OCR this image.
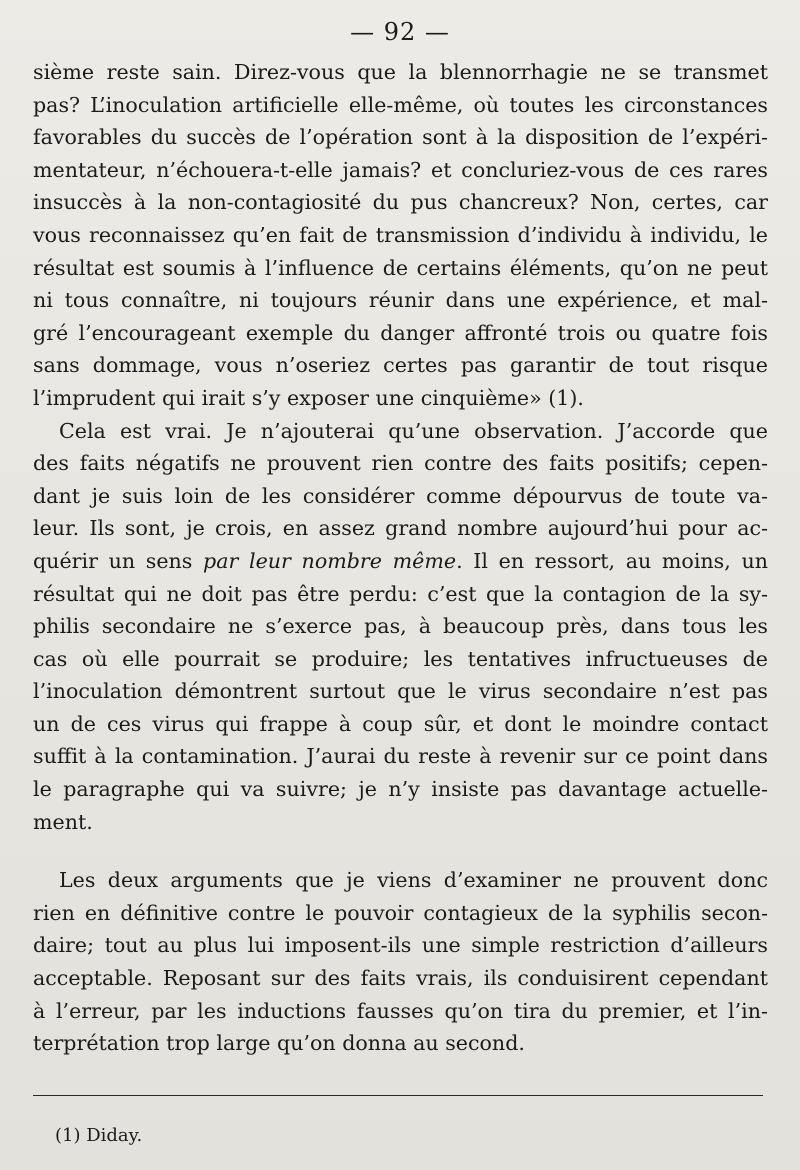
— 92 —
sième reste sain. Direz-vous que la blennorrhagie ne se transmet
pas? L’inoculation artificielle elle-même, où toutes les circonstances
favorables du succès de l’opération sont à la disposition de l’expéri-
mentateur, n’échouera-t-elle jamais? et concluriez-vous de ces rares
insuccès à la non-contagiosité du pus chancreux? Non, certes, car
vous reconnaissez qu’en fait de transmission d’individu à individu, le
résultat est soumis à l’influence de certains éléments, qu’on ne peut
ni tous connaître, ni toujours réunir dans une expérience, et mal-
gré l’encourageant exemple du danger affronté trois ou quatre fois
sans dommage, vous n’oseriez certes pas garantir de tout risque
l’imprudent qui irait s’y exposer une cinquième» (1).
Cela est vrai. Je n’ajouterai qu’une observation. J’accorde que
des faits négatifs ne prouvent rien contre des faits positifs; cepen-
dant je suis loin de les considérer comme dépourvus de toute va-
leur. Ils sont, je crois, en assez grand nombre aujourd’hui pour ac-
quérir un sens par leur nombre même. Il en ressort, au moins, un
résultat qui ne doit pas être perdu: c’est que la contagion de la sy-
philis secondaire ne s’exerce pas, à beaucoup près, dans tous les
cas où elle pourrait se produire; les tentatives infructueuses de
l’inoculation démontrent surtout que le virus secondaire n’est pas
un de ces virus qui frappe à coup sûr, et dont le moindre contact
suffit à la contamination. J’aurai du reste à revenir sur ce point dans
le paragraphe qui va suivre; je n’y insiste pas davantage actuelle-
ment.
Les deux arguments que je viens d’examiner ne prouvent donc
rien en définitive contre le pouvoir contagieux de la syphilis secon-
daire; tout au plus lui imposent-ils une simple restriction d’ailleurs
acceptable. Reposant sur des faits vrais, ils conduisirent cependant
à l’erreur, par les inductions fausses qu’on tira du premier, et l’in-
terprétation trop large qu’on donna au second.
(1) Diday.
